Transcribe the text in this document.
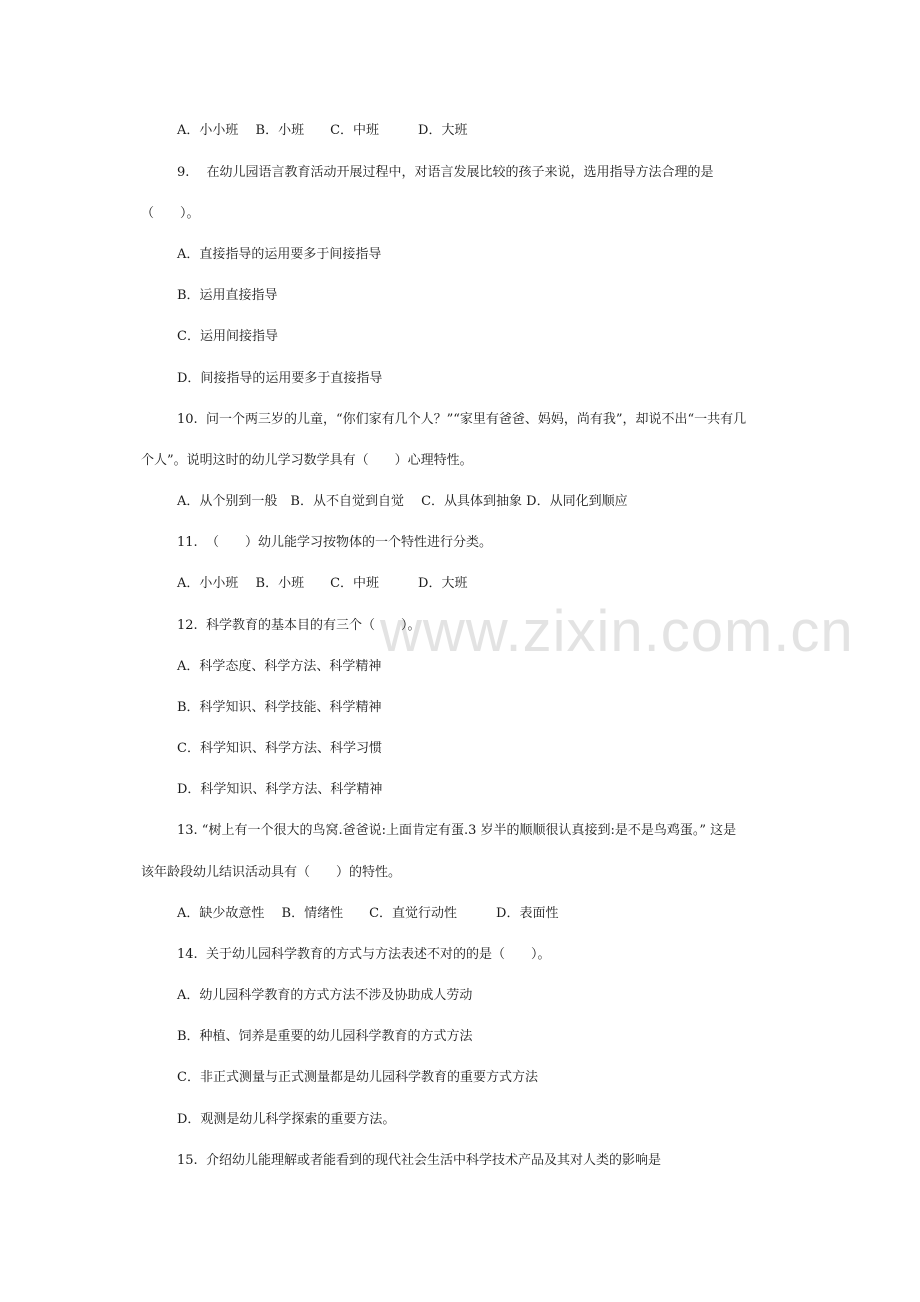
www.zixin.com.cn
A．小小班　 B．小班　　C．中班　　　D．大班
9.　 在幼儿园语言教育活动开展过程中，对语言发展比较的孩子来说，选用指导方法合理的是
（　　）。
A．直接指导的运用要多于间接指导
B．运用直接指导
C．运用间接指导
D．间接指导的运用要多于直接指导
10.  问一个两三岁的儿童，“你们家有几个人？”“家里有爸爸、妈妈，尚有我”，却说不出“一共有几
个人”。说明这时的幼儿学习数学具有（　　）心理特性。
A．从个别到一般　B．从不自觉到自觉　 C．从具体到抽象 D．从同化到顺应
11.  （　　）幼儿能学习按物体的一个特性进行分类。
A．小小班　 B．小班　　C．中班　　　D．大班
12.  科学教育的基本目的有三个（　　）。
A．科学态度、科学方法、科学精神
B．科学知识、科学技能、科学精神
C．科学知识、科学方法、科学习惯
D．科学知识、科学方法、科学精神
13. “树上有一个很大的鸟窝.爸爸说:上面肯定有蛋.3 岁半的顺顺很认真接到:是不是鸟鸡蛋。” 这是
该年龄段幼儿结识活动具有（　　）的特性。
A．缺少故意性　 B．情绪性　　C．直觉行动性　　　D．表面性
14.  关于幼儿园科学教育的方式与方法表述不对的的是（　　）。
A．幼儿园科学教育的方式方法不涉及协助成人劳动
B．种植、饲养是重要的幼儿园科学教育的方式方法
C．非正式测量与正式测量都是幼儿园科学教育的重要方式方法
D．观测是幼儿科学探索的重要方法。
15.  介绍幼儿能理解或者能看到的现代社会生活中科学技术产品及其对人类的影响是
